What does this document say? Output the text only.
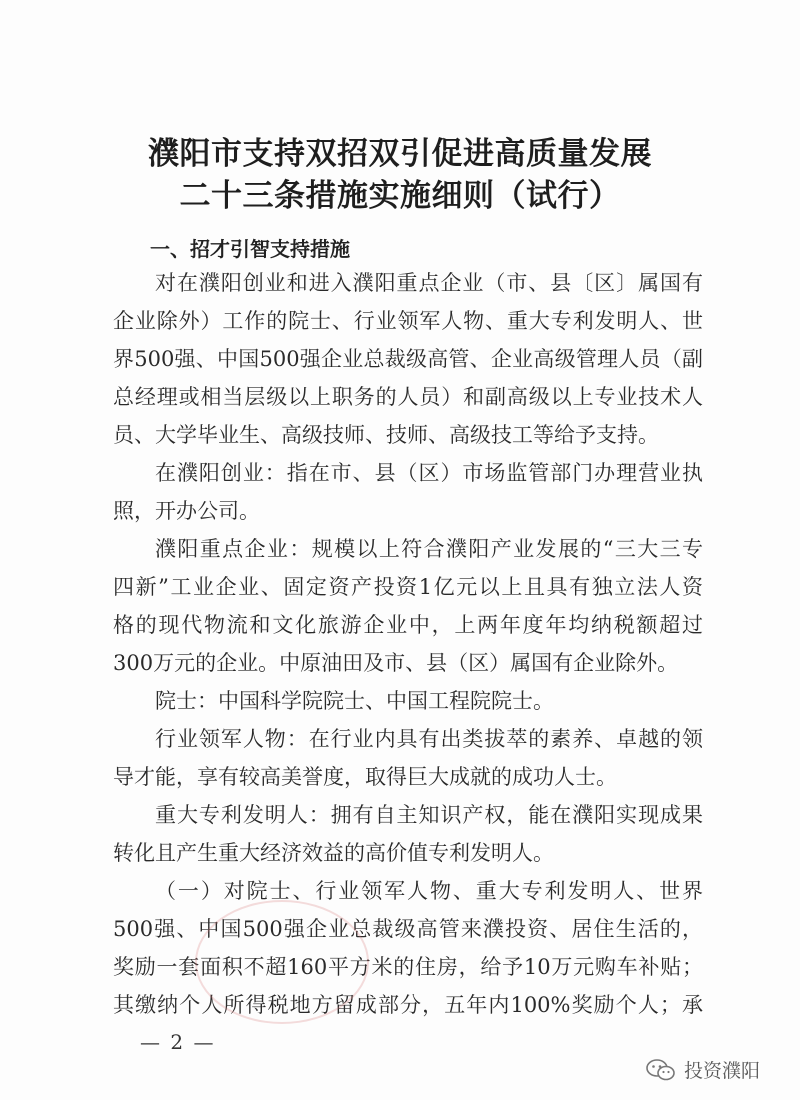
濮阳市支持双招双引促进高质量发展
二十三条措施实施细则（试行）
一、招才引智支持措施
对在濮阳创业和进入濮阳重点企业（市、县〔区〕属国有
企业除外）工作的院士、行业领军人物、重大专利发明人、世
界500强、中国500强企业总裁级高管、企业高级管理人员（副
总经理或相当层级以上职务的人员）和副高级以上专业技术人
员、大学毕业生、高级技师、技师、高级技工等给予支持。
在濮阳创业：指在市、县（区）市场监管部门办理营业执
照，开办公司。
濮阳重点企业：规模以上符合濮阳产业发展的“三大三专
四新”工业企业、固定资产投资1亿元以上且具有独立法人资
格的现代物流和文化旅游企业中，上两年度年均纳税额超过
300万元的企业。中原油田及市、县（区）属国有企业除外。
院士：中国科学院院士、中国工程院院士。
行业领军人物：在行业内具有出类拔萃的素养、卓越的领
导才能，享有较高美誉度，取得巨大成就的成功人士。
重大专利发明人：拥有自主知识产权，能在濮阳实现成果
转化且产生重大经济效益的高价值专利发明人。
（一）对院士、行业领军人物、重大专利发明人、世界
500强、中国500强企业总裁级高管来濮投资、居住生活的，
奖励一套面积不超160平方米的住房，给予10万元购车补贴；
其缴纳个人所得税地方留成部分，五年内100%奖励个人；承
— 2 —
投资濮阳
